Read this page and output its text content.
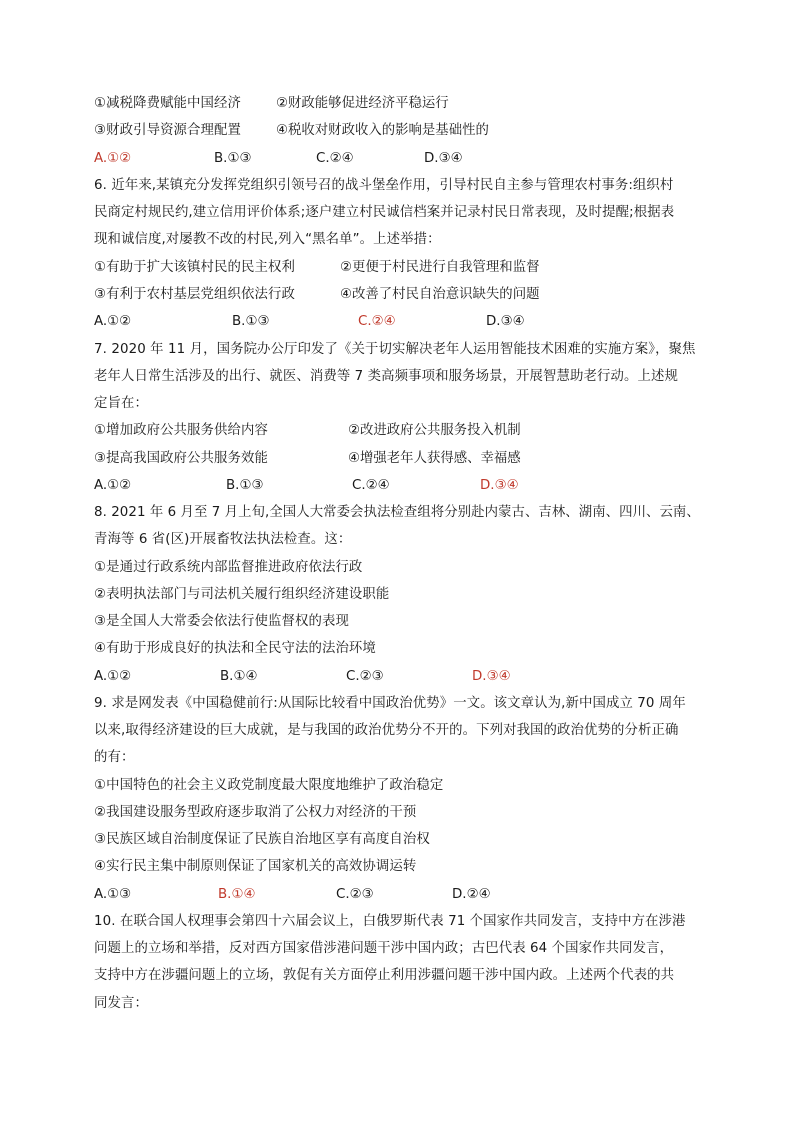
①减税降费赋能中国经济	②财政能够促进经济平稳运行
③财政引导资源合理配置	④税收对财政收入的影响是基础性的
A.①②	B.①③	C.②④	D.③④
6. 近年来,某镇充分发挥党组织引领号召的战斗堡垒作用，引导村民自主参与管理农村事务:组织村
民商定村规民约,建立信用评价体系;逐户建立村民诚信档案并记录村民日常表现，及时提醒;根据表
现和诚信度,对屡教不改的村民,列入“黑名单”。上述举措：
①有助于扩大该镇村民的民主权利	②更便于村民进行自我管理和监督
③有利于农村基层党组织依法行政	④改善了村民自治意识缺失的问题
A.①②	B.①③	C.②④	D.③④
7. 2020 年 11 月，国务院办公厅印发了《关于切实解决老年人运用智能技术困难的实施方案》，聚焦
老年人日常生活涉及的出行、就医、消费等 7 类高频事项和服务场景，开展智慧助老行动。上述规
定旨在：
①增加政府公共服务供给内容	②改进政府公共服务投入机制
③提高我国政府公共服务效能	④增强老年人获得感、幸福感
A.①②	B.①③	C.②④	D.③④
8. 2021 年 6 月至 7 月上旬,全国人大常委会执法检查组将分别赴内蒙古、吉林、湖南、四川、云南、
青海等 6 省(区)开展畜牧法执法检查。这：
①是通过行政系统内部监督推进政府依法行政
②表明执法部门与司法机关履行组织经济建设职能
③是全国人大常委会依法行使监督权的表现
④有助于形成良好的执法和全民守法的法治环境
A.①②	B.①④	C.②③	D.③④
9. 求是网发表《中国稳健前行:从国际比较看中国政治优势》一文。该文章认为,新中国成立 70 周年
以来,取得经济建设的巨大成就，是与我国的政治优势分不开的。下列对我国的政治优势的分析正确
的有：
①中国特色的社会主义政党制度最大限度地维护了政治稳定
②我国建设服务型政府逐步取消了公权力对经济的干预
③民族区域自治制度保证了民族自治地区享有高度自治权
④实行民主集中制原则保证了国家机关的高效协调运转
A.①③	B.①④	C.②③	D.②④
10. 在联合国人权理事会第四十六届会议上，白俄罗斯代表 71 个国家作共同发言，支持中方在涉港
问题上的立场和举措，反对西方国家借涉港问题干涉中国内政；古巴代表 64 个国家作共同发言，
支持中方在涉疆问题上的立场，敦促有关方面停止利用涉疆问题干涉中国内政。上述两个代表的共
同发言：
